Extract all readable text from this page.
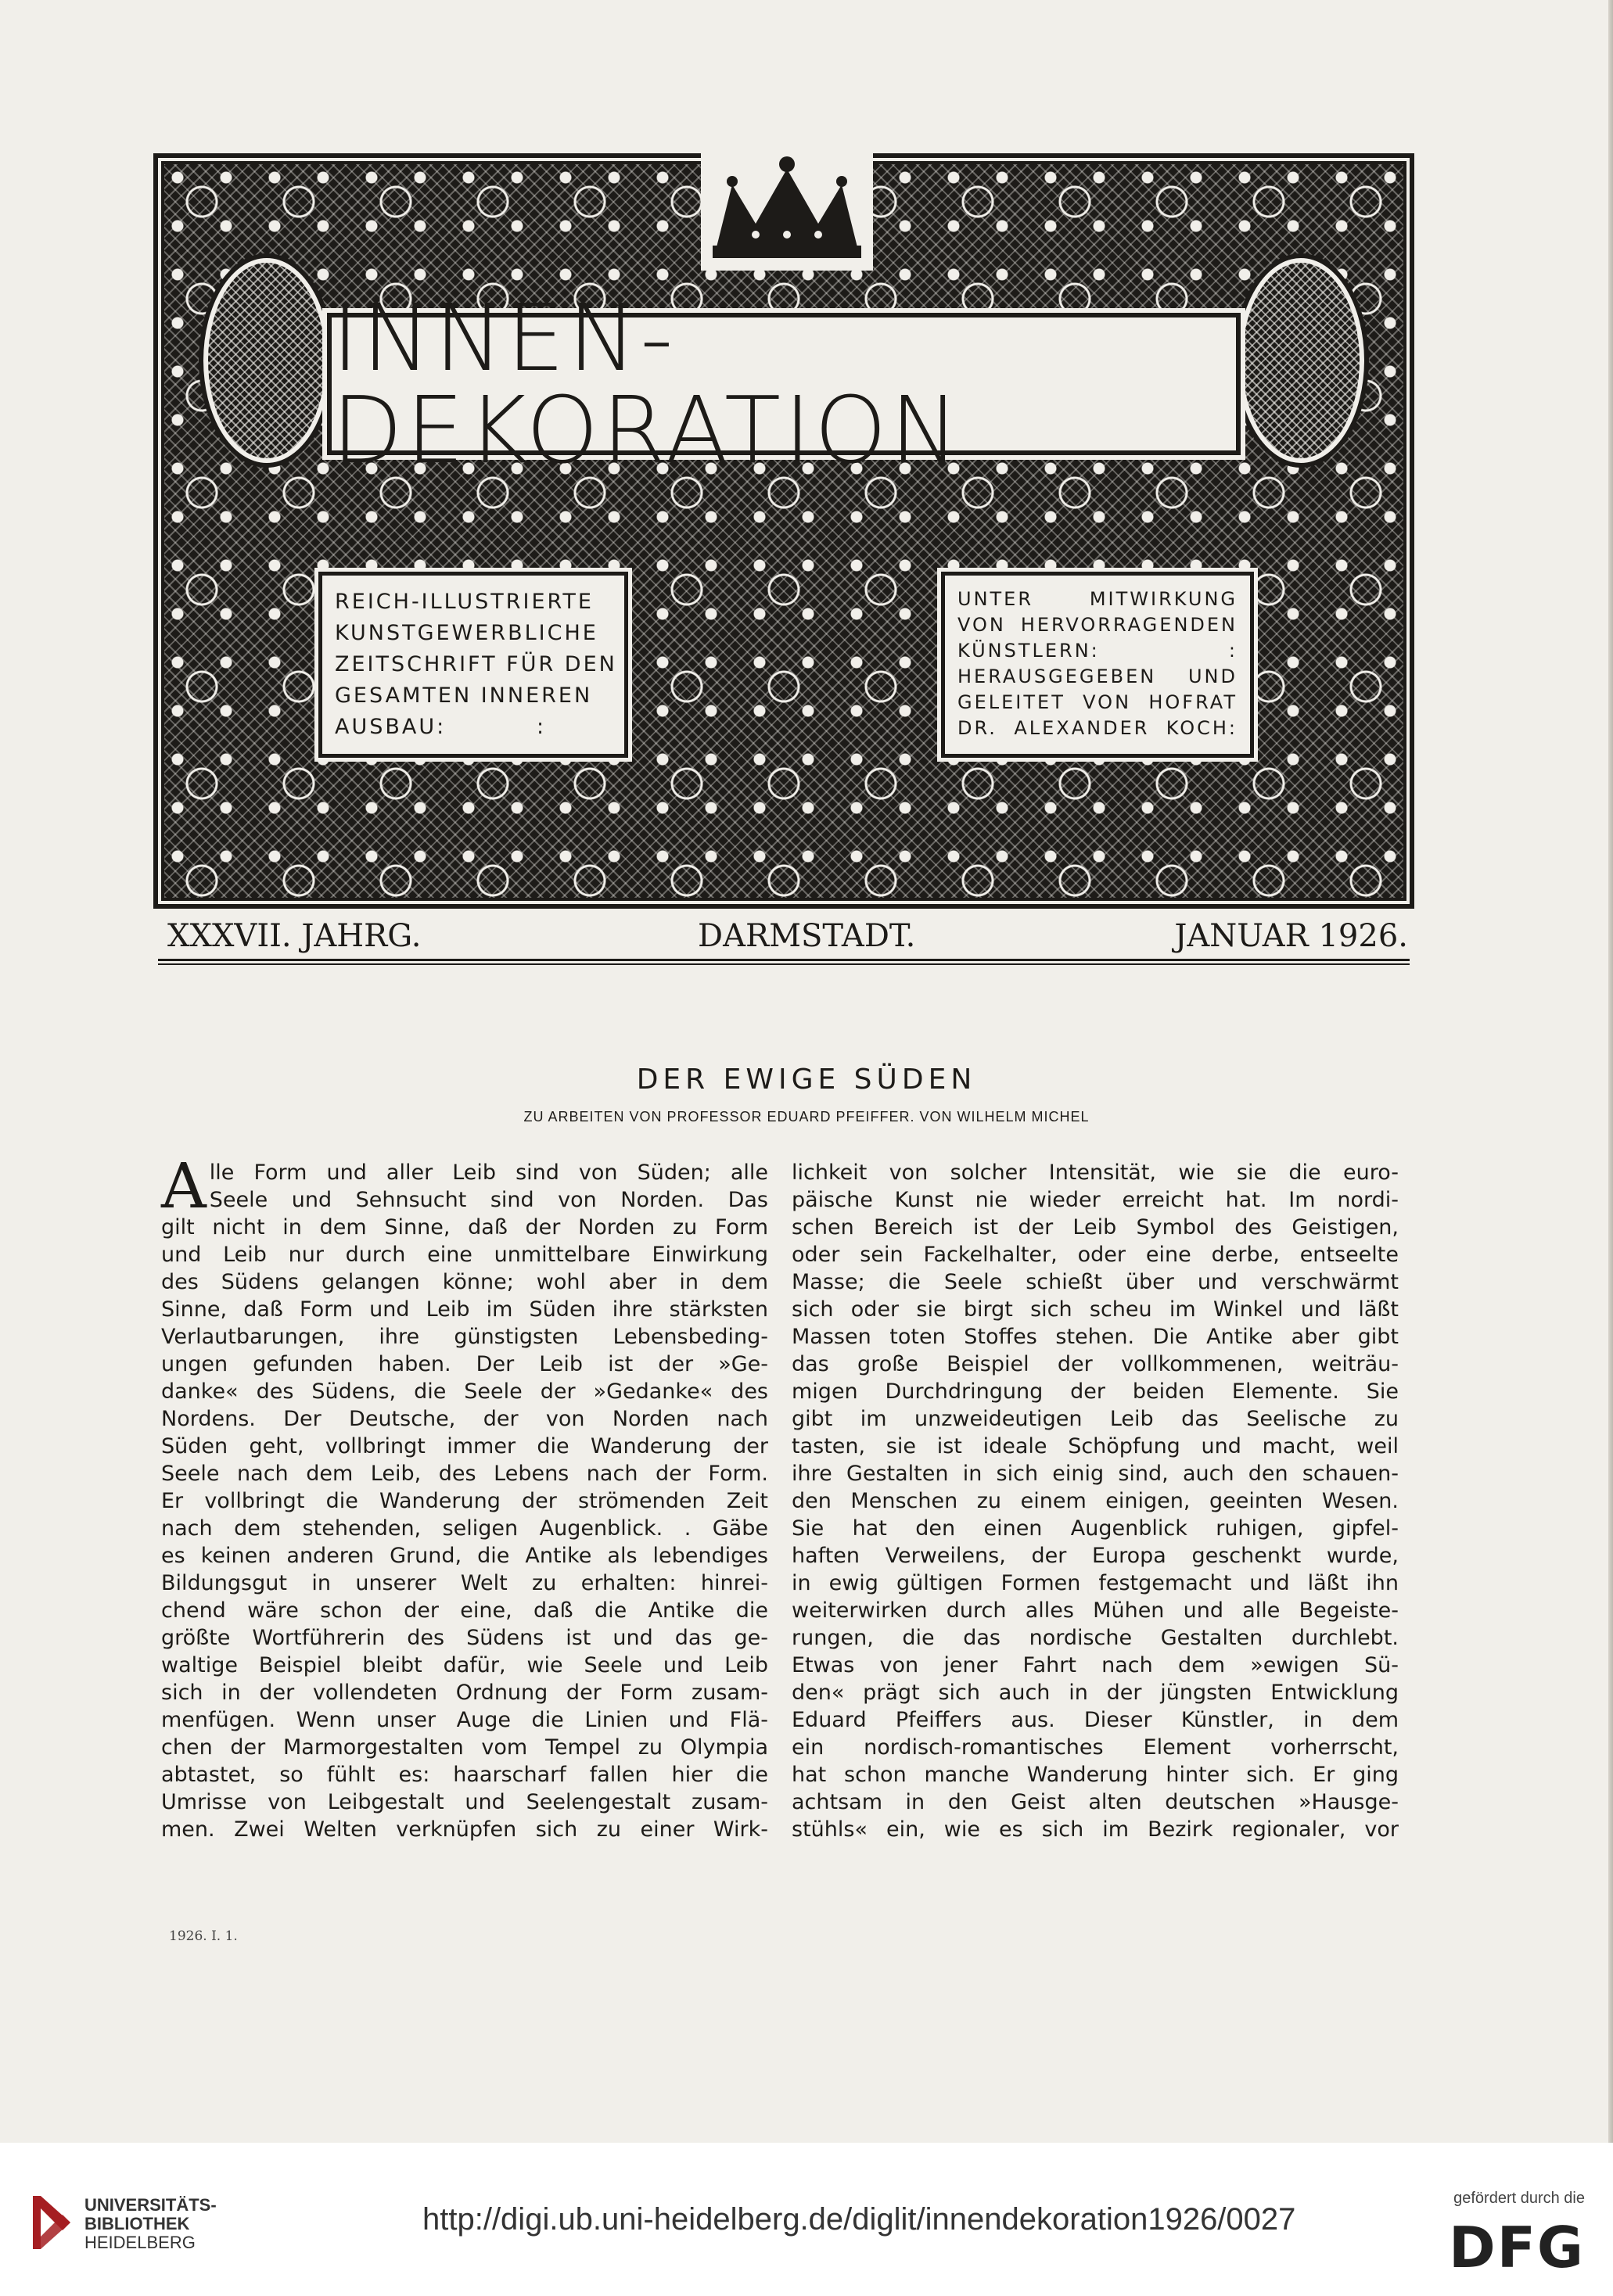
INNEN-DEKORATION
REICH-ILLUSTRIERTE
KUNSTGEWERBLICHE
ZEITSCHRIFT FÜR DEN
GESAMTEN INNEREN
AUSBAU:          :
UNTER MITWIRKUNG
VON HERVORRAGENDEN
KÜNSTLERN:        :
HERAUSGEGEBEN UND
GELEITET VON HOFRAT
DR. ALEXANDER KOCH:
XXXVII. JAHRG.	DARMSTADT.	JANUAR 1926.
DER EWIGE SÜDEN
ZU ARBEITEN VON PROFESSOR EDUARD PFEIFFER. VON WILHELM MICHEL
A lle Form und aller Leib sind von Süden; alle
Seele und Sehnsucht sind von Norden. Das
gilt nicht in dem Sinne, daß der Norden zu Form
und Leib nur durch eine unmittelbare Einwirkung
des Südens gelangen könne; wohl aber in dem
Sinne, daß Form und Leib im Süden ihre stärksten
Verlautbarungen, ihre günstigsten Lebensbeding-
ungen gefunden haben. Der Leib ist der »Ge-
danke« des Südens, die Seele der »Gedanke« des
Nordens. Der Deutsche, der von Norden nach
Süden geht, vollbringt immer die Wanderung der
Seele nach dem Leib, des Lebens nach der Form.
Er vollbringt die Wanderung der strömenden Zeit
nach dem stehenden, seligen Augenblick. . Gäbe
es keinen anderen Grund, die Antike als lebendiges
Bildungsgut in unserer Welt zu erhalten: hinrei-
chend wäre schon der eine, daß die Antike die
größte Wortführerin des Südens ist und das ge-
waltige Beispiel bleibt dafür, wie Seele und Leib
sich in der vollendeten Ordnung der Form zusam-
menfügen. Wenn unser Auge die Linien und Flä-
chen der Marmorgestalten vom Tempel zu Olympia
abtastet, so fühlt es: haarscharf fallen hier die
Umrisse von Leibgestalt und Seelengestalt zusam-
men. Zwei Welten verknüpfen sich zu einer Wirk-
lichkeit von solcher Intensität, wie sie die euro-
päische Kunst nie wieder erreicht hat. Im nordi-
schen Bereich ist der Leib Symbol des Geistigen,
oder sein Fackelhalter, oder eine derbe, entseelte
Masse; die Seele schießt über und verschwärmt
sich oder sie birgt sich scheu im Winkel und läßt
Massen toten Stoffes stehen. Die Antike aber gibt
das große Beispiel der vollkommenen, weiträu-
migen Durchdringung der beiden Elemente. Sie
gibt im unzweideutigen Leib das Seelische zu
tasten, sie ist ideale Schöpfung und macht, weil
ihre Gestalten in sich einig sind, auch den schauen-
den Menschen zu einem einigen, geeinten Wesen.
Sie hat den einen Augenblick ruhigen, gipfel-
haften Verweilens, der Europa geschenkt wurde,
in ewig gültigen Formen festgemacht und läßt ihn
weiterwirken durch alles Mühen und alle Begeiste-
rungen, die das nordische Gestalten durchlebt.
Etwas von jener Fahrt nach dem »ewigen Sü-
den« prägt sich auch in der jüngsten Entwicklung
Eduard Pfeiffers aus. Dieser Künstler, in dem
ein nordisch-romantisches Element vorherrscht,
hat schon manche Wanderung hinter sich. Er ging
achtsam in den Geist alten deutschen »Hausge-
stühls« ein, wie es sich im Bezirk regionaler, vor
1926. I. 1.
UNIVERSITÄTS-
BIBLIOTHEK
HEIDELBERG
http://digi.ub.uni-heidelberg.de/diglit/innendekoration1926/0027
gefördert durch die
DFG
